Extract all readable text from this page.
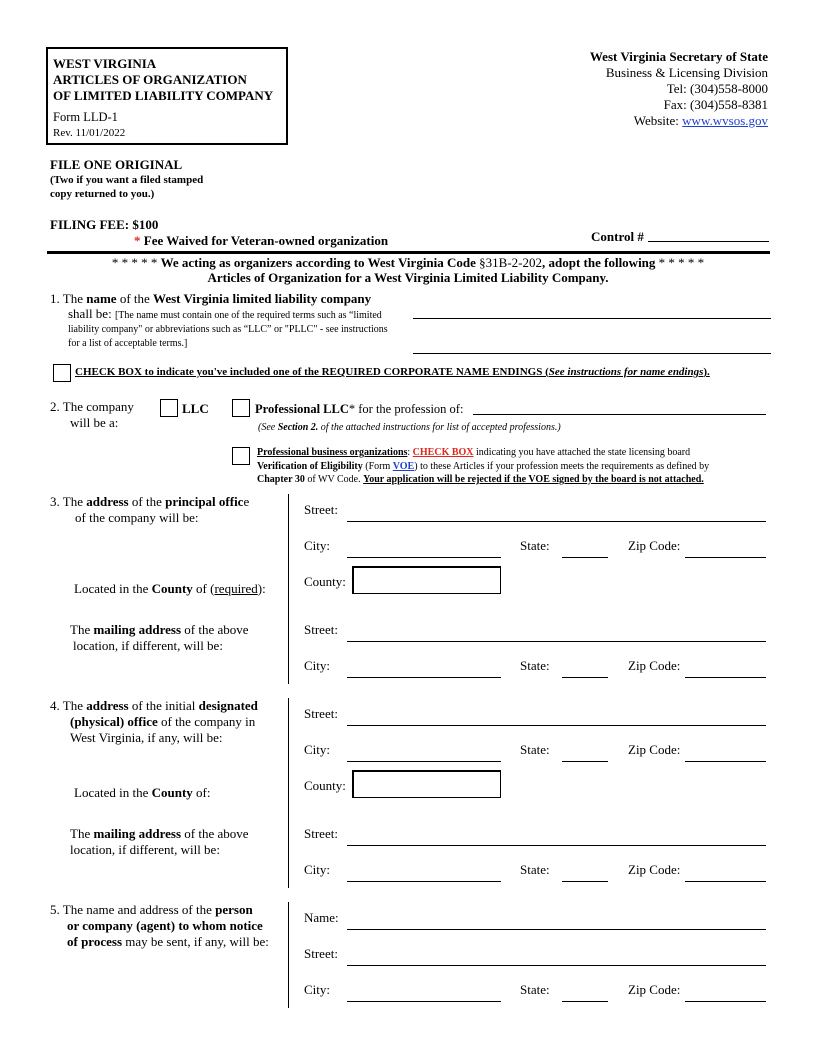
WEST VIRGINIA
ARTICLES OF ORGANIZATION
OF LIMITED LIABILITY COMPANY
Form LLD-1
Rev. 11/01/2022
West Virginia Secretary of State
Business & Licensing Division
Tel: (304)558-8000
Fax: (304)558-8381
Website: www.wvsos.gov
FILE ONE ORIGINAL
(Two if you want a filed stamped
copy returned to you.)
FILING FEE: $100
* Fee Waived for Veteran-owned organization	Control #
* * * * * We acting as organizers according to West Virginia Code §31B-2-202, adopt the following * * * * *
Articles of Organization for a West Virginia Limited Liability Company.
1. The name of the West Virginia limited liability company
shall be: [The name must contain one of the required terms such as “limited
liability company" or abbreviations such as “LLC” or "PLLC" - see instructions
for a list of acceptable terms.]
CHECK BOX to indicate you've included one of the REQUIRED CORPORATE NAME ENDINGS (See instructions for name endings).
2. The company
will be a:
LLC	Professional LLC* for the profession of:
(See Section 2. of the attached instructions for list of accepted professions.)
Professional business organizations: CHECK BOX indicating you have attached the state licensing board
Verification of Eligibility (Form VOE) to these Articles if your profession meets the requirements as defined by
Chapter 30 of WV Code. Your application will be rejected if the VOE signed by the board is not attached.
3. The address of the principal office
of the company will be:
Street:
City:	State:	Zip Code:
Located in the County of (required):	County:
The mailing address of the above
location, if different, will be:
Street:
City:	State:	Zip Code:
4. The address of the initial designated
(physical) office of the company in
West Virginia, if any, will be:
Street:
City:	State:	Zip Code:
Located in the County of:	County:
The mailing address of the above
location, if different, will be:
Street:
City:	State:	Zip Code:
5. The name and address of the person
or company (agent) to whom notice
of process may be sent, if any, will be:
Name:
Street:
City:	State:	Zip Code:
